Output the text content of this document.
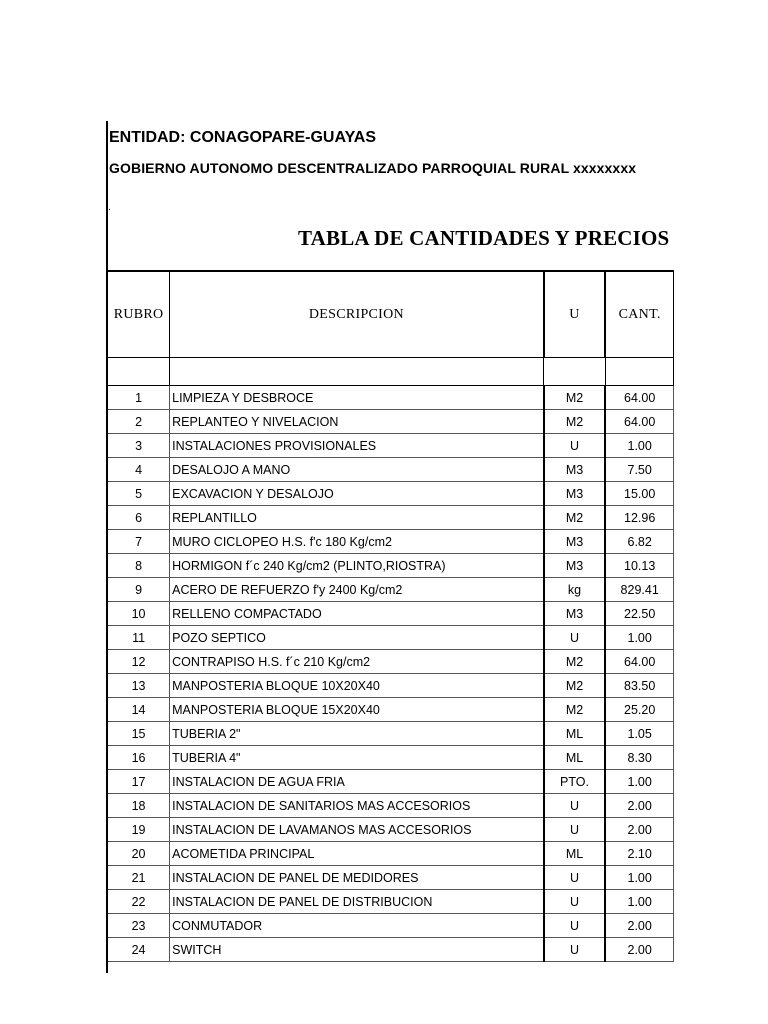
ENTIDAD: CONAGOPARE-GUAYAS
GOBIERNO AUTONOMO DESCENTRALIZADO PARROQUIAL RURAL xxxxxxxx
.
TABLA DE CANTIDADES Y PRECIOS
RUBRO	DESCRIPCION	U	CANT.

1	LIMPIEZA Y DESBROCE	M2	64.00
2	REPLANTEO Y NIVELACION	M2	64.00
3	INSTALACIONES PROVISIONALES	U	1.00
4	DESALOJO A MANO	M3	7.50
5	EXCAVACION Y DESALOJO	M3	15.00
6	REPLANTILLO	M2	12.96
7	MURO CICLOPEO H.S. f'c 180 Kg/cm2	M3	6.82
8	HORMIGON f´c 240 Kg/cm2 (PLINTO,RIOSTRA)	M3	10.13
9	ACERO DE REFUERZO f'y 2400 Kg/cm2	kg	829.41
10	RELLENO COMPACTADO	M3	22.50
11	POZO SEPTICO	U	1.00
12	CONTRAPISO H.S. f´c 210 Kg/cm2	M2	64.00
13	MANPOSTERIA BLOQUE 10X20X40	M2	83.50
14	MANPOSTERIA BLOQUE 15X20X40	M2	25.20
15	TUBERIA 2"	ML	1.05
16	TUBERIA 4"	ML	8.30
17	INSTALACION DE AGUA FRIA	PTO.	1.00
18	INSTALACION DE SANITARIOS MAS ACCESORIOS	U	2.00
19	INSTALACION DE LAVAMANOS MAS ACCESORIOS	U	2.00
20	ACOMETIDA PRINCIPAL	ML	2.10
21	INSTALACION DE PANEL DE MEDIDORES	U	1.00
22	INSTALACION DE PANEL DE DISTRIBUCION	U	1.00
23	CONMUTADOR	U	2.00
24	SWITCH	U	2.00
